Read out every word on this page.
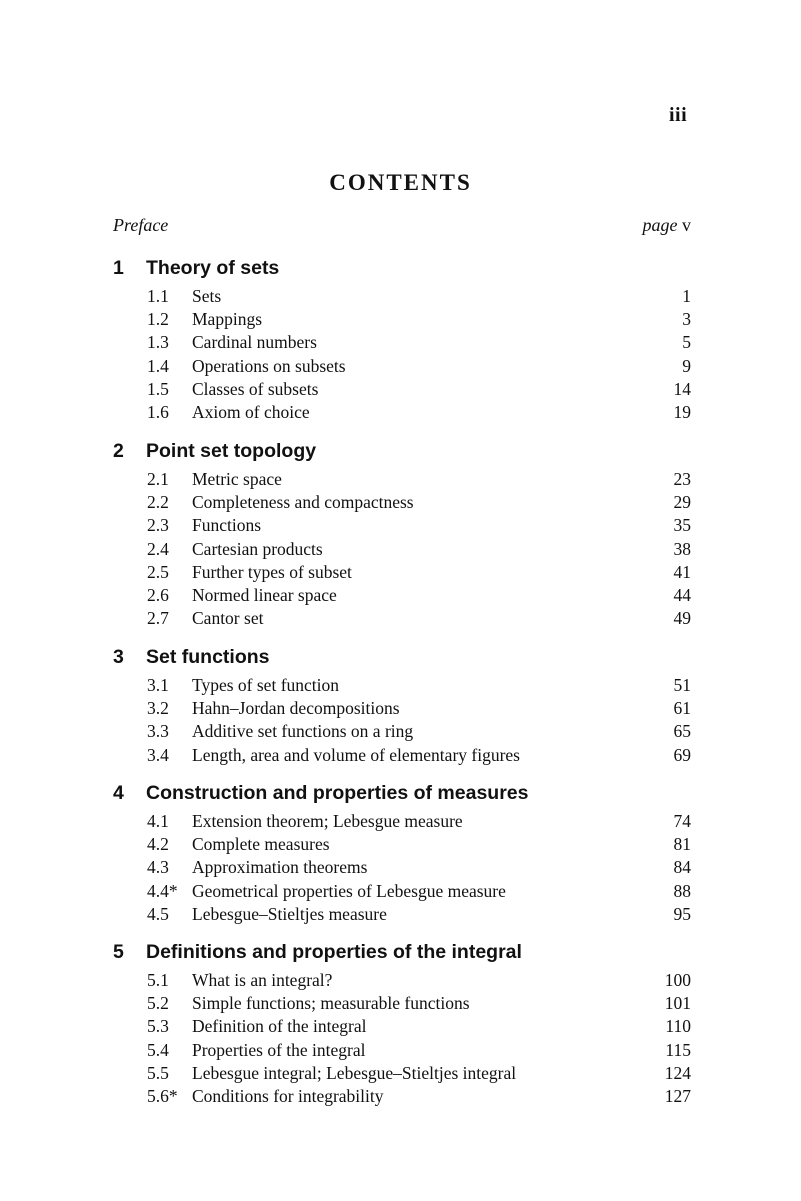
iii
CONTENTS
Preface	page v
1 Theory of sets
1.1 Sets	1
1.2 Mappings	3
1.3 Cardinal numbers	5
1.4 Operations on subsets	9
1.5 Classes of subsets	14
1.6 Axiom of choice	19
2 Point set topology
2.1 Metric space	23
2.2 Completeness and compactness	29
2.3 Functions	35
2.4 Cartesian products	38
2.5 Further types of subset	41
2.6 Normed linear space	44
2.7 Cantor set	49
3 Set functions
3.1 Types of set function	51
3.2 Hahn–Jordan decompositions	61
3.3 Additive set functions on a ring	65
3.4 Length, area and volume of elementary figures	69
4 Construction and properties of measures
4.1 Extension theorem; Lebesgue measure	74
4.2 Complete measures	81
4.3 Approximation theorems	84
4.4* Geometrical properties of Lebesgue measure	88
4.5 Lebesgue–Stieltjes measure	95
5 Definitions and properties of the integral
5.1 What is an integral?	100
5.2 Simple functions; measurable functions	101
5.3 Definition of the integral	110
5.4 Properties of the integral	115
5.5 Lebesgue integral; Lebesgue–Stieltjes integral	124
5.6* Conditions for integrability	127
